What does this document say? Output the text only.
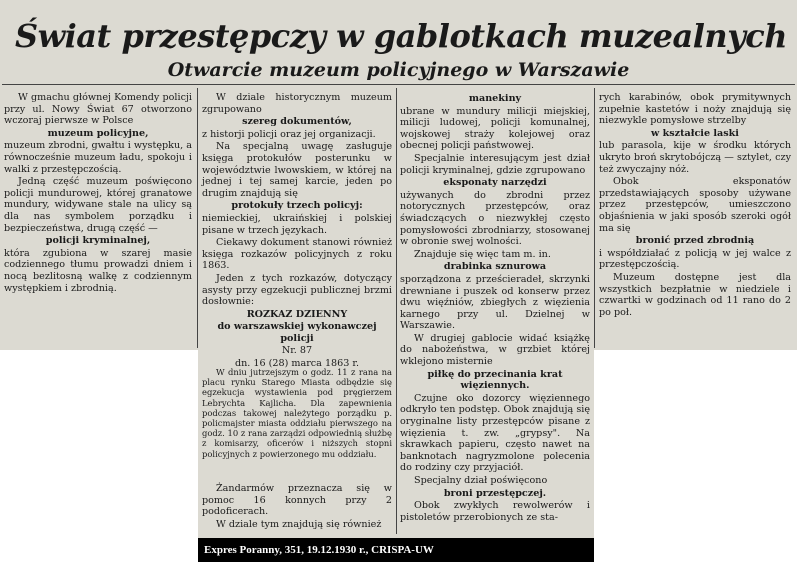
Świat przestępczy w gablotkach muzealnych
Otwarcie muzeum policyjnego w Warszawie

W gmachu głównej Komendy policji przy ul. Nowy Świat 67 otworzono wczoraj pierwsze w Polsce

muzeum policyjne,

muzeum zbrodni, gwałtu i występku, a równocześnie muzeum ładu, spokoju i walki z przestępczością.

Jedną część muzeum poświęcono policji mundurowej, której granatowe mundury, widywane stale na ulicy są dla nas symbolem porządku i bezpieczeństwa, drugą część —

policji kryminalnej,

która zgubiona w szarej masie codziennego tłumu prowadzi dniem i nocą bezlitosną walkę z codziennym występkiem i zbrodnią.

W dziale historycznym muzeum zgrupowano

szereg dokumentów,

z historji policji oraz jej organizacji.

Na specjalną uwagę zasługuje księga protokułów posterunku w województwie lwowskiem, w której na jednej i tej samej karcie, jeden po drugim znajdują się

protokuły trzech policyj:

niemieckiej, ukraińskiej i polskiej pisane w trzech językach.

Ciekawy dokument stanowi również księga rozkazów policyjnych z roku 1863.

Jeden z tych rozkazów, dotyczący asysty przy egzekucji publicznej brzmi dosłownie:

ROZKAZ DZIENNY

do warszawskiej wykonawczej policji

Nr. 87

dn. 16 (28) marca 1863 r.

W dniu jutrzejszym o godz. 11 z rana na placu rynku Starego Miasta odbędzie się egzekucja wystawienia pod pręgierzem Lebrychta Kajlicha. Dla zapewnienia podczas takowej należytego porządku p. policmajster miasta oddziału pierwszego na godz. 10 z rana zarządzi odpowiednią służbę z komisarzy, oficerów i niższych stopni policyjnych z powierzonego mu oddziału.

Żandarmów przeznacza się w pomoc 16 konnych przy 2 podoficerach.

W dziale tym znajdują się również

manekiny

ubrane w mundury milicji miejskiej, milicji ludowej, policji komunalnej, wojskowej straży kolejowej oraz obecnej policji państwowej.

Specjalnie interesującym jest dział policji kryminalnej, gdzie zgrupowano

eksponaty narzędzi

używanych do zbrodni przez notorycznych przestępców, oraz świadczących o niezwykłej często pomysłowości zbrodniarzy, stosowanej w obronie swej wolności.

Znajduje się więc tam m. in.

drabinka sznurowa

sporządzona z prześcieradeł, skrzynki drewniane i puszek od konserw przez dwu więźniów, zbiegłych z więzienia karnego przy ul. Dzielnej w Warszawie.

W drugiej gablocie widać książkę do nabożeństwa, w grzbiet której wklejono misternie

piłkę do przecinania krat więziennych.

Czujne oko dozorcy więziennego odkryło ten podstęp. Obok znajdują się oryginalne listy przestępców pisane z więzienia t. zw. „grypsy". Na skrawkach papieru, często nawet na banknotach nagryzmolone polecenia do rodziny czy przyjaciół.

Specjalny dział poświęcono

broni przestępczej.

Obok zwykłych rewolwerów i pistoletów przerobionych ze sta-

rych karabinów, obok prymitywnych zupełnie kastetów i noży znajdują się niezwykle pomysłowe strzelby

w kształcie laski

lub parasola, kije w środku których ukryto broń skrytobójczą — sztylet, czy też zwyczajny nóż.

Obok eksponatów przedstawiających sposoby używane przez przestępców, umieszczono objaśnienia w jaki sposób szeroki ogół ma się

bronić przed zbrodnią

i współdziałać z policją w jej walce z przestępczością.

Muzeum dostępne jest dla wszystkich bezpłatnie w niedziele i czwartki w godzinach od 11 rano do 2 po poł.

Expres Poranny, 351, 19.12.1930 r., CRISPA-UW
